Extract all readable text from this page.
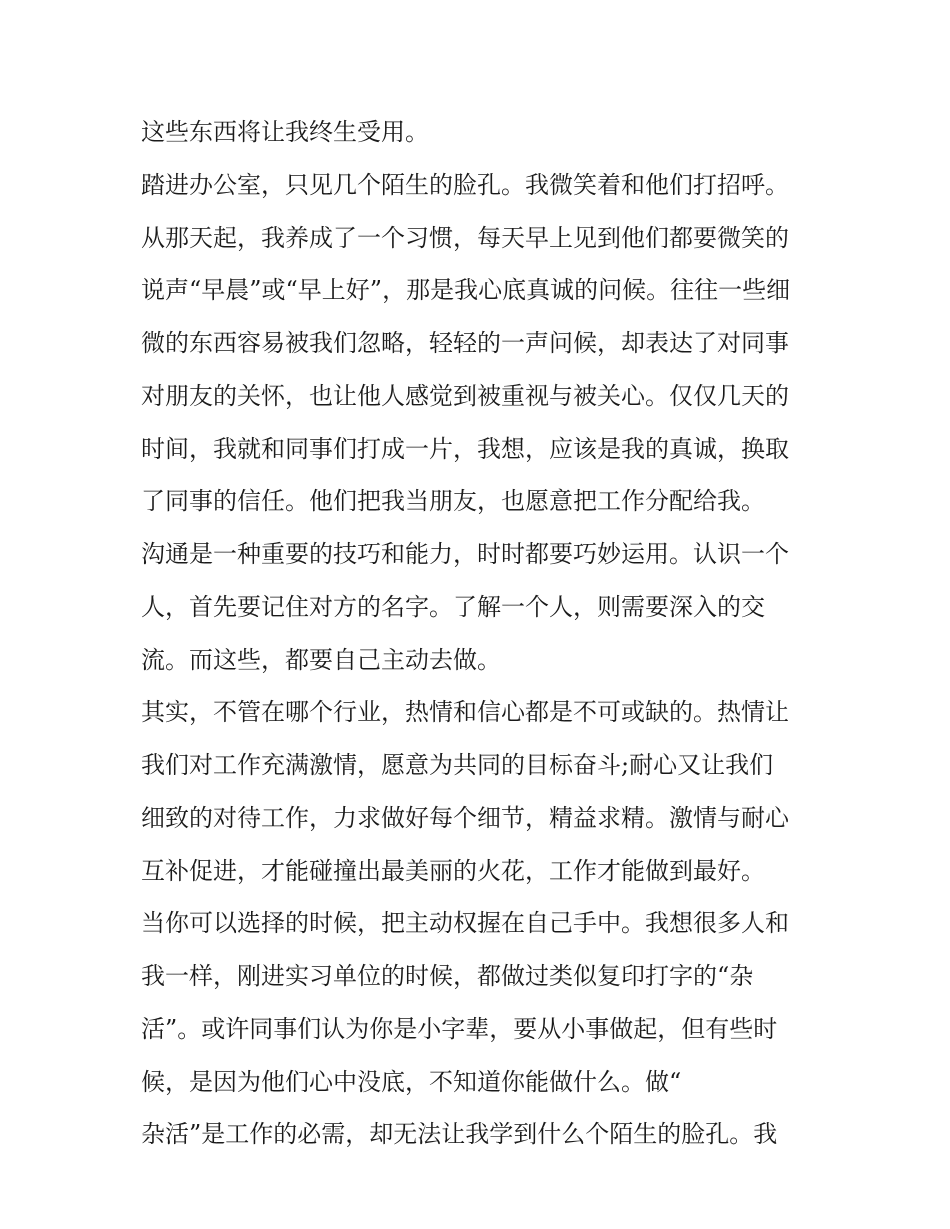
这些东西将让我终生受用。
踏进办公室，只见几个陌生的脸孔。我微笑着和他们打招呼。
从那天起，我养成了一个习惯，每天早上见到他们都要微笑的
说声“早晨”或“早上好”，那是我心底真诚的问候。往往一些细
微的东西容易被我们忽略，轻轻的一声问候，却表达了对同事
对朋友的关怀，也让他人感觉到被重视与被关心。仅仅几天的
时间，我就和同事们打成一片，我想，应该是我的真诚，换取
了同事的信任。他们把我当朋友，也愿意把工作分配给我。
沟通是一种重要的技巧和能力，时时都要巧妙运用。认识一个
人，首先要记住对方的名字。了解一个人，则需要深入的交
流。而这些，都要自己主动去做。
其实，不管在哪个行业，热情和信心都是不可或缺的。热情让
我们对工作充满激情，愿意为共同的目标奋斗;耐心又让我们
细致的对待工作，力求做好每个细节，精益求精。激情与耐心
互补促进，才能碰撞出最美丽的火花，工作才能做到最好。
当你可以选择的时候，把主动权握在自己手中。我想很多人和
我一样，刚进实习单位的时候，都做过类似复印打字的“杂
活”。或许同事们认为你是小字辈，要从小事做起，但有些时
候，是因为他们心中没底，不知道你能做什么。做“
杂活”是工作的必需，却无法让我学到什么个陌生的脸孔。我
